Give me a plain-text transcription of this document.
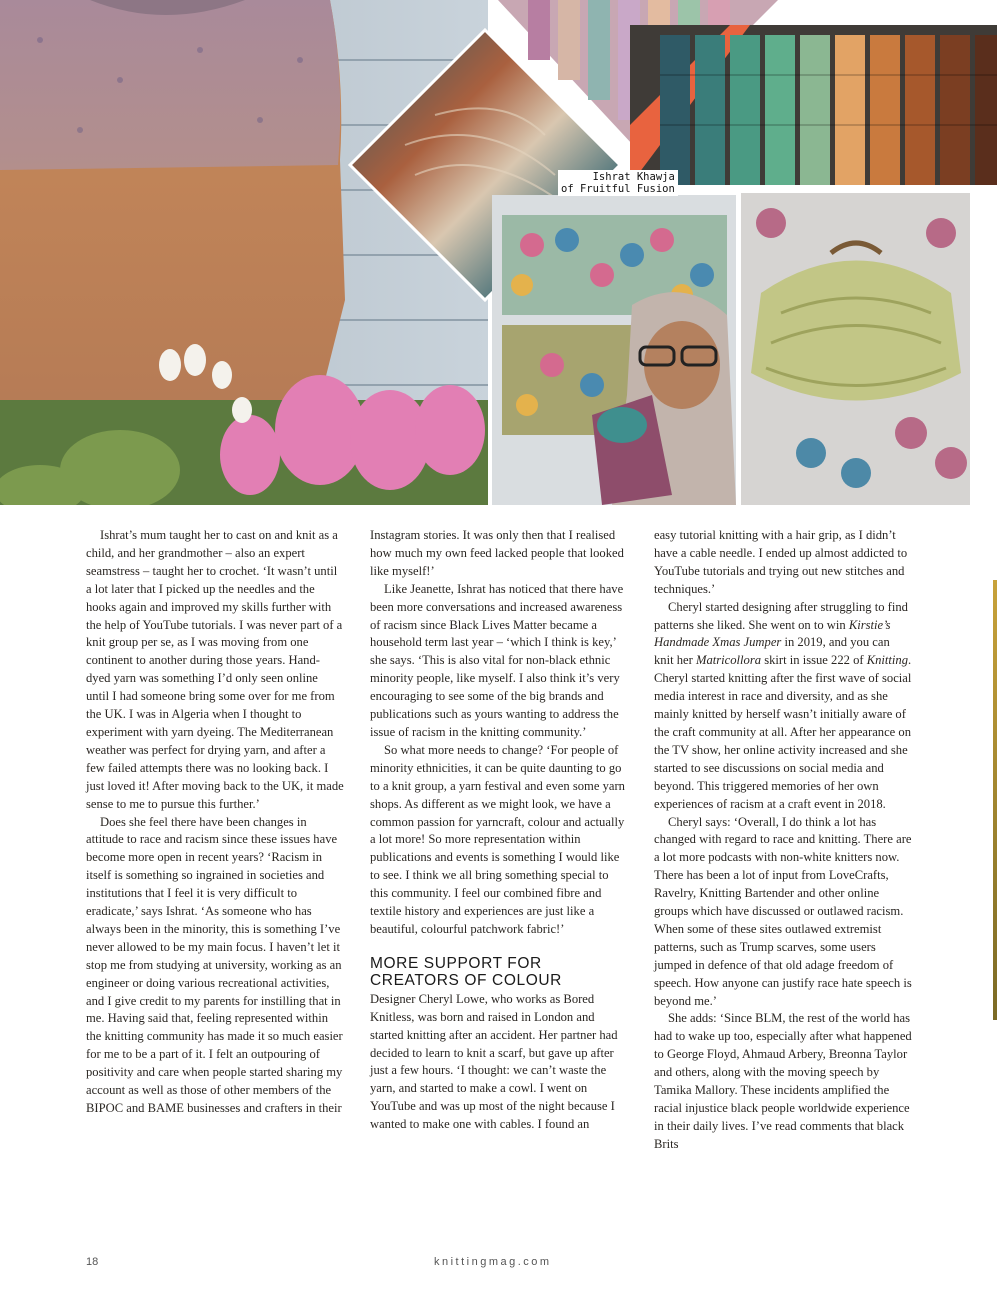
Ishrat Khawja
of Fruitful Fusion

Ishrat’s mum taught her to cast on and knit as a child, and her grandmother – also an expert seamstress – taught her to crochet. ‘It wasn’t until a lot later that I picked up the needles and the hooks again and improved my skills further with the help of YouTube tutorials. I was never part of a knit group per se, as I was moving from one continent to another during those years. Hand-dyed yarn was something I’d only seen online until I had someone bring some over for me from the UK. I was in Algeria when I thought to experiment with yarn dyeing. The Mediterranean weather was perfect for drying yarn, and after a few failed attempts there was no looking back. I just loved it! After moving back to the UK, it made sense to me to pursue this further.’

Does she feel there have been changes in attitude to race and racism since these issues have become more open in recent years? ‘Racism in itself is something so ingrained in societies and institutions that I feel it is very difficult to eradicate,’ says Ishrat. ‘As someone who has always been in the minority, this is something I’ve never allowed to be my main focus. I haven’t let it stop me from studying at university, working as an engineer or doing various recreational activities, and I give credit to my parents for instilling that in me. Having said that, feeling represented within the knitting community has made it so much easier for me to be a part of it. I felt an outpouring of positivity and care when people started sharing my account as well as those of other members of the BIPOC and BAME businesses and crafters in their

Instagram stories. It was only then that I realised how much my own feed lacked people that looked like myself!’

Like Jeanette, Ishrat has noticed that there have been more conversations and increased awareness of racism since Black Lives Matter became a household term last year – ‘which I think is key,’ she says. ‘This is also vital for non-black ethnic minority people, like myself. I also think it’s very encouraging to see some of the big brands and publications such as yours wanting to address the issue of racism in the knitting community.’

So what more needs to change? ‘For people of minority ethnicities, it can be quite daunting to go to a knit group, a yarn festival and even some yarn shops. As different as we might look, we have a common passion for yarncraft, colour and actually a lot more! So more representation within publications and events is something I would like to see. I think we all bring something special to this community. I feel our combined fibre and textile history and experiences are just like a beautiful, colourful patchwork fabric!’

MORE SUPPORT FOR CREATORS OF COLOUR

Designer Cheryl Lowe, who works as Bored Knitless, was born and raised in London and started knitting after an accident. Her partner had decided to learn to knit a scarf, but gave up after just a few hours. ‘I thought: we can’t waste the yarn, and started to make a cowl. I went on YouTube and was up most of the night because I wanted to make one with cables. I found an

easy tutorial knitting with a hair grip, as I didn’t have a cable needle. I ended up almost addicted to YouTube tutorials and trying out new stitches and techniques.’

Cheryl started designing after struggling to find patterns she liked. She went on to win Kirstie’s Handmade Xmas Jumper in 2019, and you can knit her Matricollora skirt in issue 222 of Knitting. Cheryl started knitting after the first wave of social media interest in race and diversity, and as she mainly knitted by herself wasn’t initially aware of the craft community at all. After her appearance on the TV show, her online activity increased and she started to see discussions on social media and beyond. This triggered memories of her own experiences of racism at a craft event in 2018.

Cheryl says: ‘Overall, I do think a lot has changed with regard to race and knitting. There are a lot more podcasts with non-white knitters now. There has been a lot of input from LoveCrafts, Ravelry, Knitting Bartender and other online groups which have discussed or outlawed racism. When some of these sites outlawed extremist patterns, such as Trump scarves, some users jumped in defence of that old adage freedom of speech. How anyone can justify race hate speech is beyond me.’

She adds: ‘Since BLM, the rest of the world has had to wake up too, especially after what happened to George Floyd, Ahmaud Arbery, Breonna Taylor and others, along with the moving speech by Tamika Mallory. These incidents amplified the racial injustice black people worldwide experience in their daily lives. I’ve read comments that black Brits

18	knittingmag.com
